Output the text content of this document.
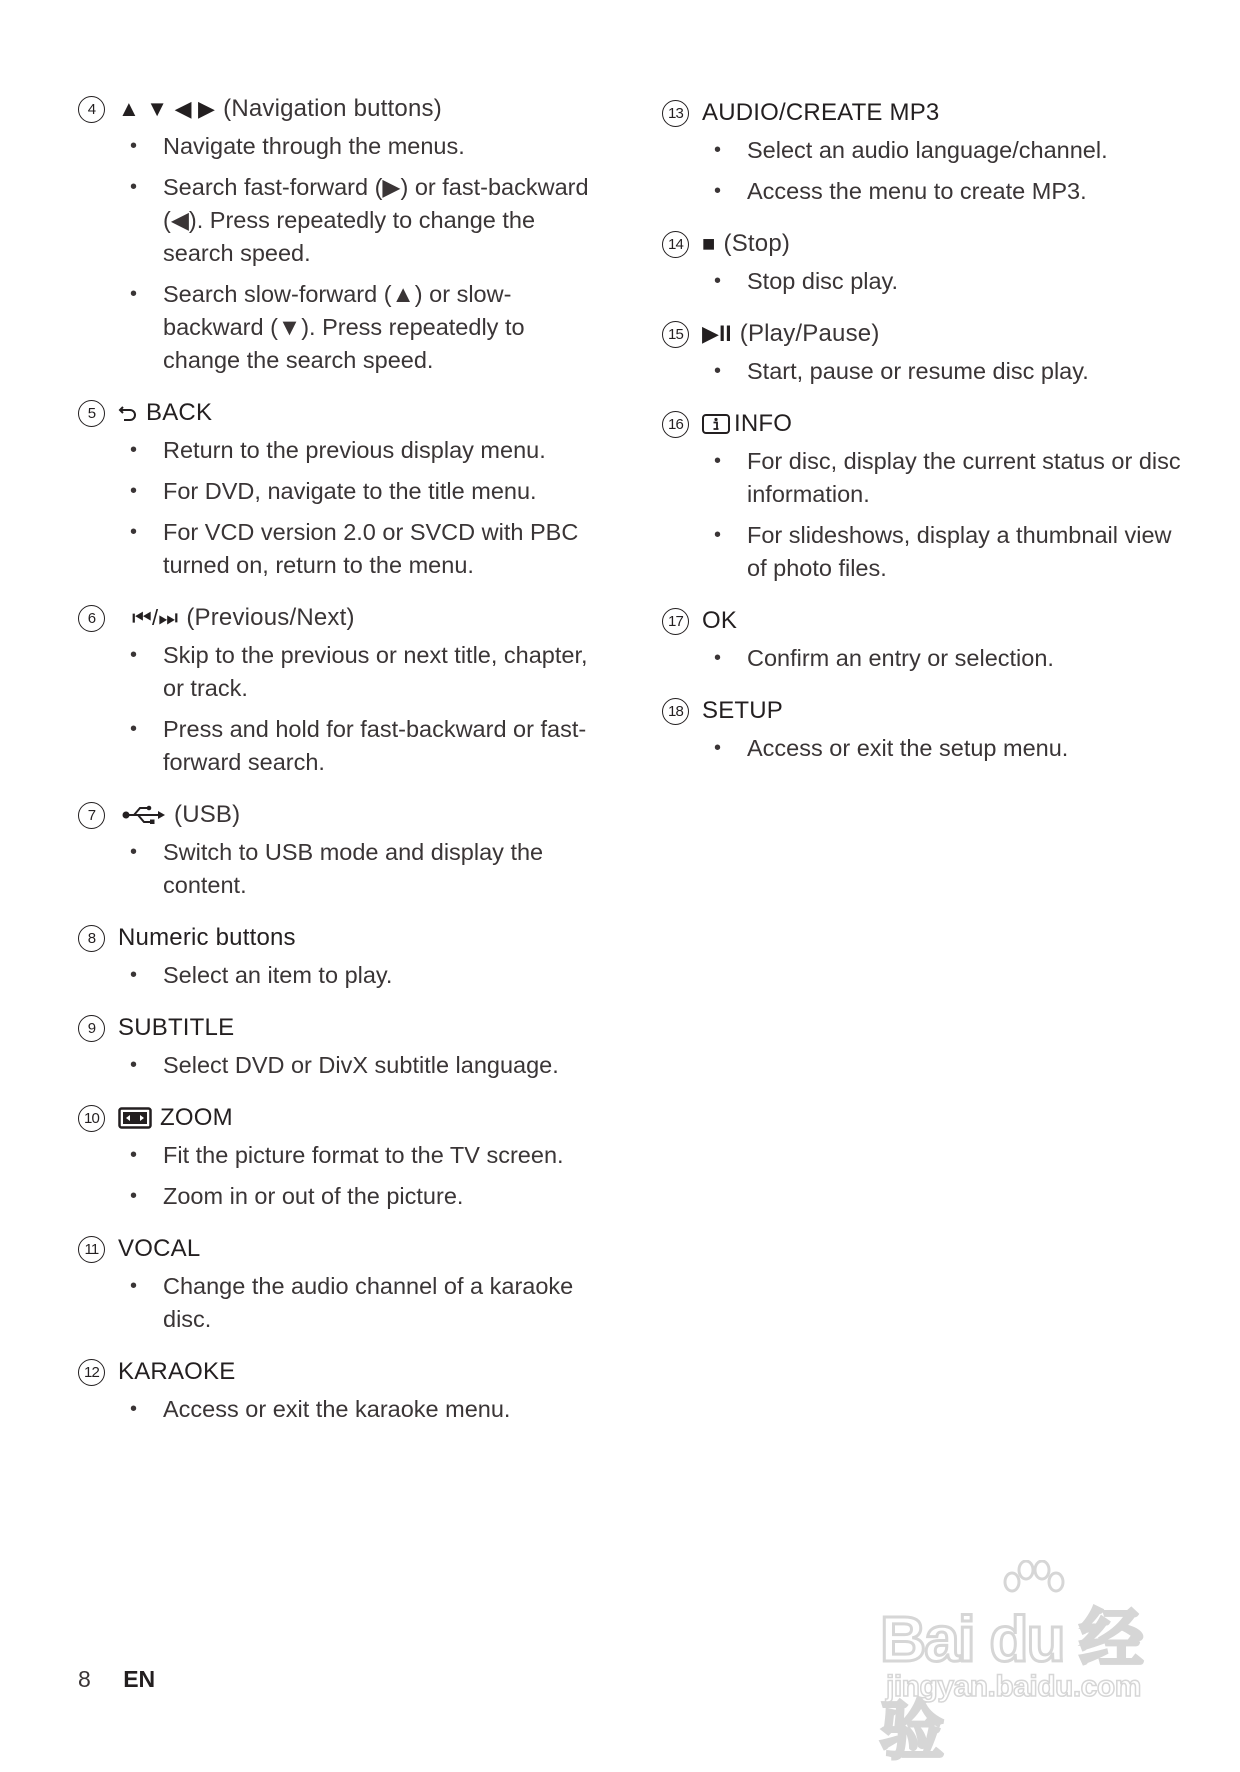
4	▲ ▼ ◀ ▶ (Navigation buttons)
• Navigate through the menus.
• Search fast-forward (▶) or fast-backward (◀). Press repeatedly to change the search speed.
• Search slow-forward (▲) or slow-backward (▼). Press repeatedly to change the search speed.
5	BACK
• Return to the previous display menu.
• For DVD, navigate to the title menu.
• For VCD version 2.0 or SVCD with PBC turned on, return to the menu.
6	⏮/⏭ (Previous/Next)
• Skip to the previous or next title, chapter, or track.
• Press and hold for fast-backward or fast-forward search.
7	(USB)
• Switch to USB mode and display the content.
8 Numeric buttons
• Select an item to play.
9 SUBTITLE
• Select DVD or DivX subtitle language.
10	ZOOM
• Fit the picture format to the TV screen.
• Zoom in or out of the picture.
11 VOCAL
• Change the audio channel of a karaoke disc.
12 KARAOKE
• Access or exit the karaoke menu.
13 AUDIO/CREATE MP3
• Select an audio language/channel.
• Access the menu to create MP3.
14 ■ (Stop)
• Stop disc play.
15 ▶II (Play/Pause)
• Start, pause or resume disc play.
16 INFO
• For disc, display the current status or disc information.
• For slideshows, display a thumbnail view of photo files.
17 OK
• Confirm an entry or selection.
18 SETUP
• Access or exit the setup menu.
8 EN
Bai du 经验
jingyan.baidu.com
